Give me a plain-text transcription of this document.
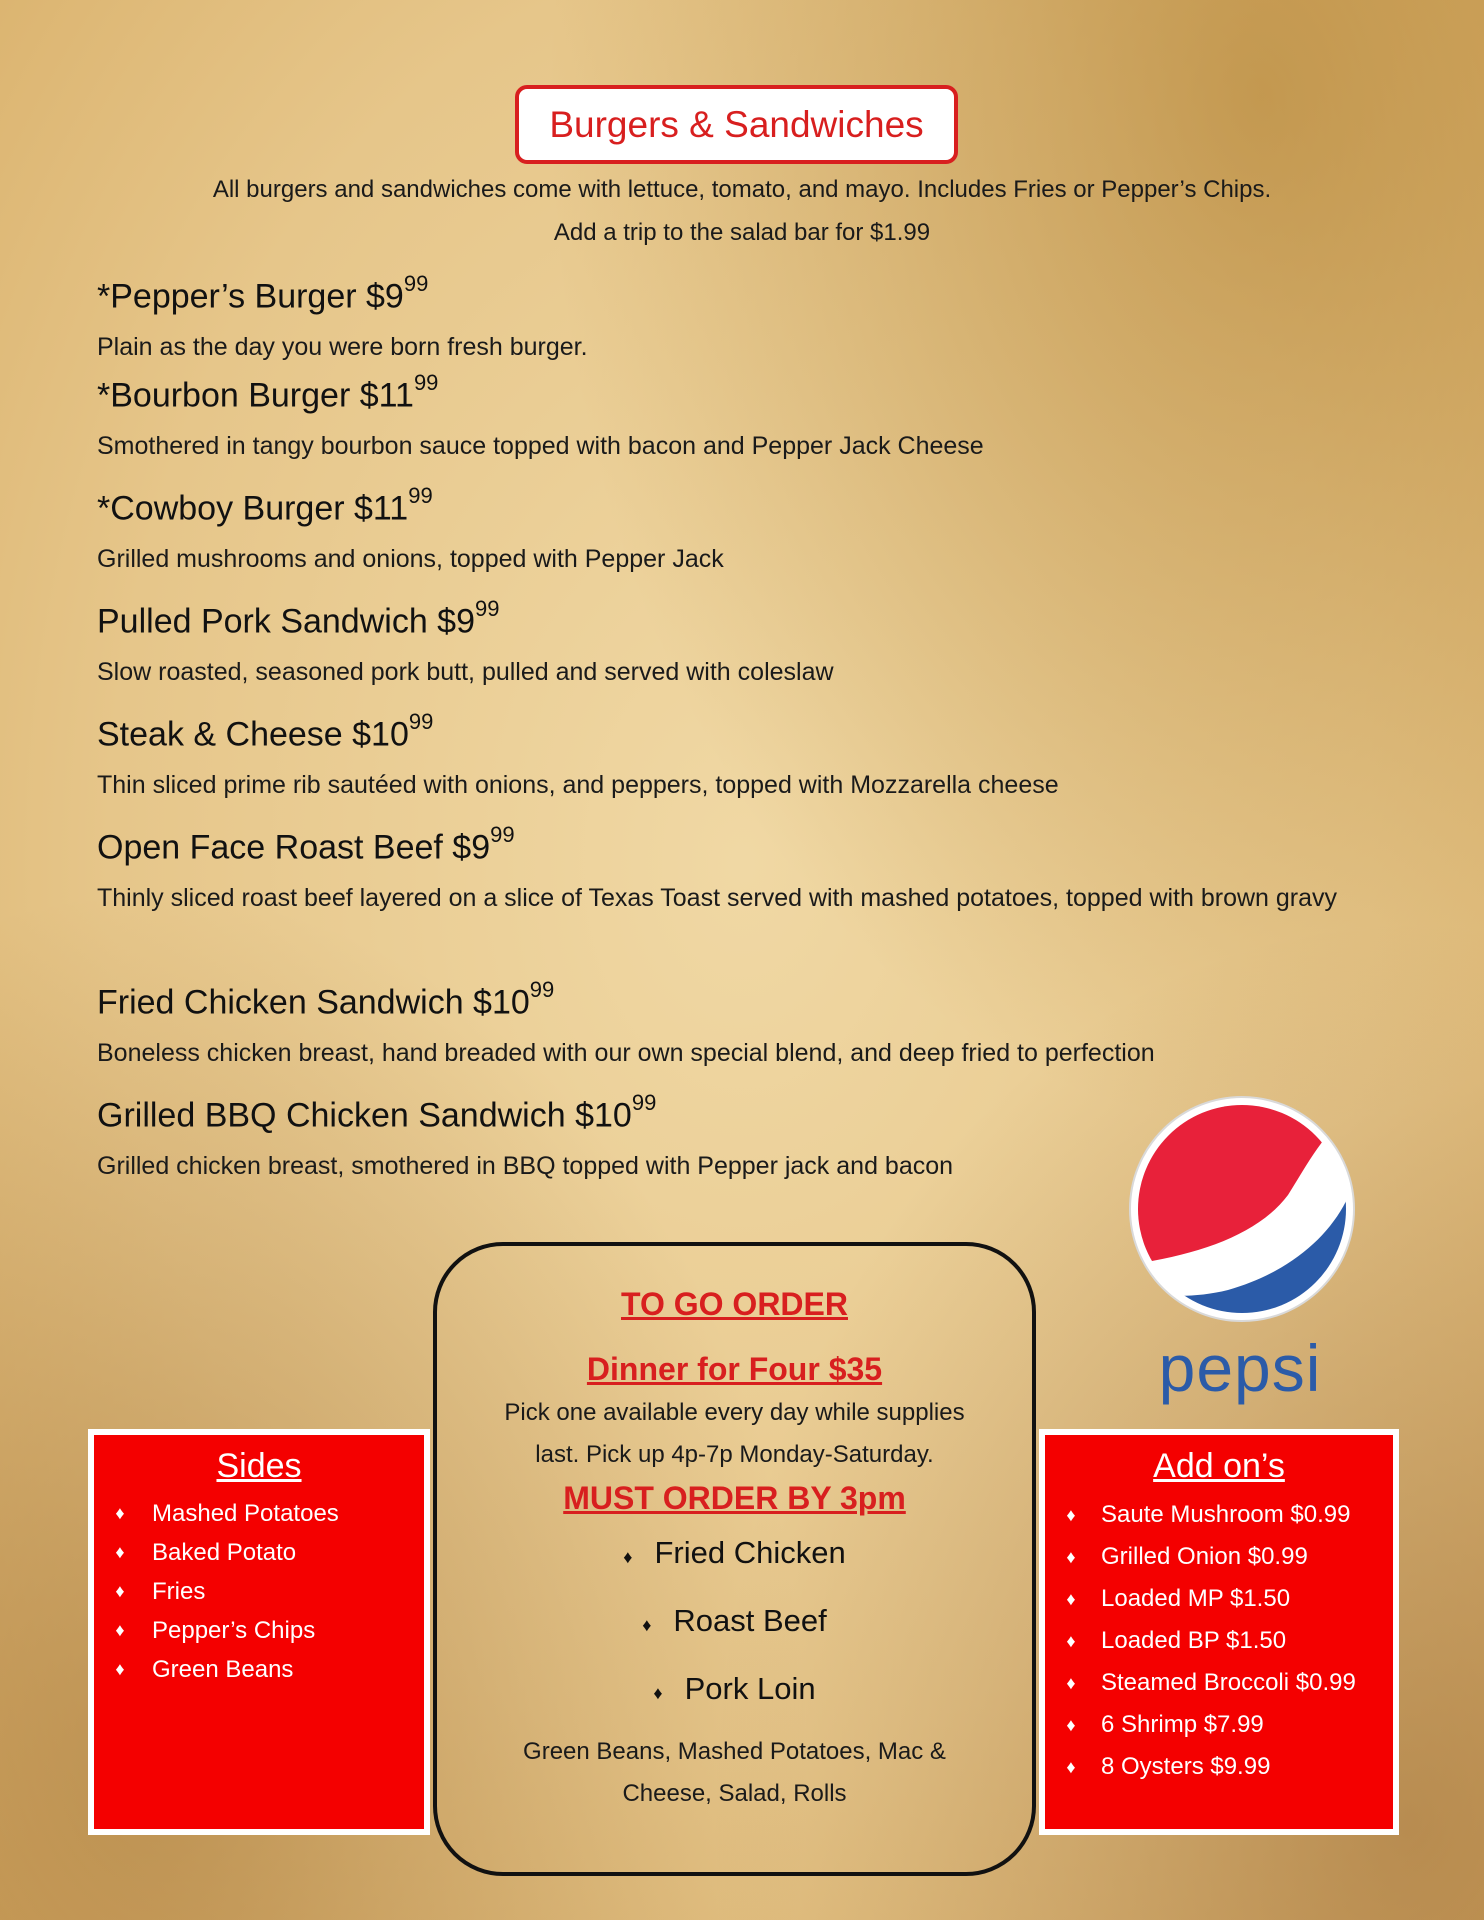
Burgers & Sandwiches
All burgers and sandwiches come with lettuce, tomato, and mayo. Includes Fries or Pepper’s Chips.
Add a trip to the salad bar for $1.99
*Pepper’s Burger $\$9^{99}$
Plain as the day you were born fresh burger.
*Bourbon Burger $\$11^{99}$
Smothered in tangy bourbon sauce topped with bacon and Pepper Jack Cheese
*Cowboy Burger $\$11^{99}$
Grilled mushrooms and onions, topped with Pepper Jack
Pulled Pork Sandwich $\$9^{99}$
Slow roasted, seasoned pork butt, pulled and served with coleslaw
Steak & Cheese $\$10^{99}$
Thin sliced prime rib sautéed with onions, and peppers, topped with Mozzarella cheese
Open Face Roast Beef $\$9^{99}$
Thinly sliced roast beef layered on a slice of Texas Toast served with mashed potatoes, topped with brown gravy
Fried Chicken Sandwich $\$10^{99}$
Boneless chicken breast, hand breaded with our own special blend, and deep fried to perfection
Grilled BBQ Chicken Sandwich $\$10^{99}$
Grilled chicken breast, smothered in BBQ topped with Pepper jack and bacon
pepsi
Sides
♦	Mashed Potatoes
♦	Baked Potato
♦	Fries
♦	Pepper’s Chips
♦	Green Beans
TO GO ORDER
Dinner for Four $35
Pick one available every day while supplies
last. Pick up 4p-7p Monday-Saturday.
MUST ORDER BY 3pm
♦ Fried Chicken
♦ Roast Beef
♦ Pork Loin
Green Beans, Mashed Potatoes, Mac &
Cheese, Salad, Rolls
Add on’s
♦	Saute Mushroom $0.99
♦	Grilled Onion $0.99
♦	Loaded MP $1.50
♦	Loaded BP $1.50
♦	Steamed Broccoli $0.99
♦	6 Shrimp $7.99
♦	8 Oysters $9.99
